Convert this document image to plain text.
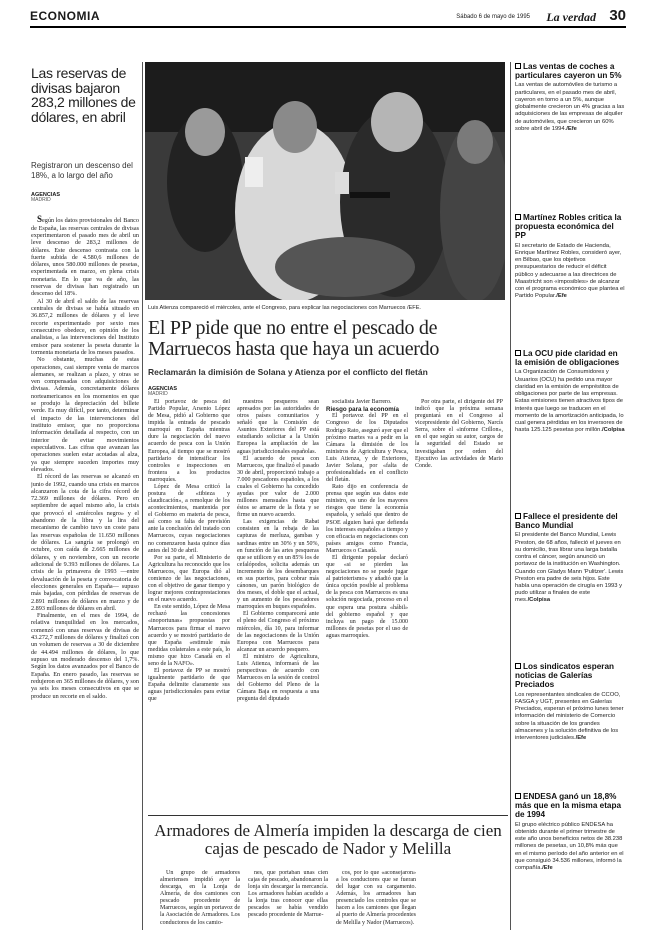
ECONOMIA	Sábado 6 de mayo de 1995 La verdad 30
Las reservas de divisas bajaron 283,2 millones de dólares, en abril
Registraron un descenso del 18%, a lo largo del año
AGENCIAS
MADRID

Según los datos provisionales del Banco de España, las reservas centrales de divisas experimentaron el pasado mes de abril un leve descenso de 283,2 millones de dólares. Este descenso contrasta con la fuerte subida de 4.580,6 millones de dólares, unos 580.000 millones de pesetas, experimentada en marzo, en plena crisis monetaria. En lo que va de año, las reservas de divisas han registrado un descenso del 18%.

Al 30 de abril el saldo de las reservas centrales de divisas se había situado en 36.857,2 millones de dólares y el leve recorte experimentado por sexto mes consecutivo obedece, en opinión de los analistas, a las intervenciones del Instituto emisor para sostener la peseta durante la tormenta monetaria de los meses pasados.

No obstante, muchas de estas operaciones, casi siempre venta de marcos alemanes, se realizan a plazo, y otras se ven compensadas con adquisiciones de divisas. Además, concretamente dólares norteamericanos en los momentos en que se produjo la depreciación del billete verde. Es muy difícil, por tanto, determinar el impacto de las intervenciones del instituto emisor, que no proporciona información detallada al respecto, con un interior de evitar movimientos especulativos. Las cifras que avanzan las operaciones suelen estar acotadas al alza, ya que siempre suceden importes muy elevados.

El récord de las reservas se alcanzó en junio de 1992, cuando una crisis en marcos alcanzaron la cota de la cifra récord de 72.369 millones de dólares. Pero en septiembre de aquel mismo año, la crisis que provocó el «miércoles negro» y el abandono de la libra y la lira del mecanismo de cambio tuvo un coste para las reservas españolas de 11.650 millones de dólares. La sangría se prolongó en octubre, con caída de 2.665 millones de dólares, y en noviembre, con un recorte adicional de 9.393 millones de dólares. La crisis de la primavera de 1993 —entre devaluación de la peseta y convocatoria de elecciones generales en España— supuso más bajadas, con pérdidas de reservas de 2.891 millones de dólares en marzo y de 2.893 millones de dólares en abril.

Finalmente, en el mes de 1994, de relativa tranquilidad en los mercados, comenzó con unas reservas de divisas de 43.272,7 millones de dólares y finalizó con un volumen de reservas a 30 de diciembre de 44.494 millones de dólares, lo que supuso un moderado descenso del 1,7%. Según los datos avanzados por el Banco de España. En enero pasado, las reservas se redujeron en 365 millones de dólares, y son ya seis los meses consecutivos en que se produce un recorte en el saldo.

Luis Atienza compareció el miércoles, ante el Congreso, para explicar las negociaciones con Marruecos /EFE.
El PP pide que no entre el pescado de Marruecos hasta que haya un acuerdo
Reclamarán la dimisión de Solana y Atienza por el conflicto del fletán
AGENCIAS
MADRID

El portavoz de pesca del Partido Popular, Arsenio López de Mesa, pidió al Gobierno que impida la entrada de pescado marroquí en España mientras dure la negociación del nuevo acuerdo de pesca con la Unión Europea, al tiempo que se mostró partidario de intensificar los controles e inspecciones en frontera a los productos marroquíes.

López de Mesa criticó la postura de «tibieza y claudicación», a remolque de los acontecimientos, mantenida por el Gobierno en materia de pesca, así como su falta de previsión ante la conclusión del tratado con Marruecos, cuyas negociaciones no comenzaron hasta quince días antes del 30 de abril.

Por su parte, el Ministerio de Agricultura ha reconocido que los Marruecos, que Europa dió al comienzo de las negociaciones, con el objetivo de ganar tiempo y lograr mejores contraprestaciones en el nuevo acuerdo.

En este sentido, López de Mesa rechazó las concesiones «inoportunas» propuestas por Marruecos para firmar el nuevo acuerdo y se mostró partidario de que España «estimule más medidas colaterales a este país, lo mismo que hizo Canadá en el seno de la NAFO».

El portavoz de PP se mostró igualmente partidario de que España delimite claramente sus aguas jurisdiccionales para evitar que

nuestros pesqueros sean apresados por las autoridades de otros países comunitarios y señaló que la Comisión de Asuntos Exteriores del PP está estudiando solicitar a la Unión Europea la ampliación de las aguas jurisdiccionales españolas.

El acuerdo de pesca con Marruecos, que finalizó el pasado 30 de abril, proporcionó trabajo a 7.000 pescadores españoles, a los cuales el Gobierno ha concedido ayudas por valor de 2.000 millones mensuales hasta que éstos se amarre de la flota y se firme un nuevo acuerdo.

Las exigencias de Rabat consisten en la rebaja de las capturas de merluza, gambas y sardinas entre un 30% y un 50%, en función de las artes pesqueras que se utilicen y en un 85% los de cefalópodos, solicita además un incremento de los desembarques en sus puertos, para cobrar más cánones, un parón biológico de dos meses, el doble que el actual, y un aumento de los pescadores marroquíes en buques españoles.

El Gobierno comparecerá ante el pleno del Congreso el próximo miércoles, día 10, para informar de las negociaciones de la Unión Europea con Marruecos para alcanzar un acuerdo pesquero.

El ministro de Agricultura, Luis Atienza, informará de las perspectivas de acuerdo con Marruecos en la sesión de control del Gobierno del Pleno de la Cámara Baja en respuesta a una pregunta del diputado

socialista Javier Barrero.

Riesgo para la economía

El portavoz del PP en el Congreso de los Diputados Rodrigo Rato, aseguró ayer que el próximo martes va a pedir en la Cámara la dimisión de los ministros de Agricultura y Pesca, Luis Atienza, y de Exteriores, Javier Solana, por «falta de profesionalidad» en el conflicto del fletán.

Rato dijo en conferencia de prensa que según sus datos este ministro, es uno de los mayores riesgos que tiene la economía española, y señaló que dentro de PSOE alguien hará que defienda los intereses españoles a tiempo y con eficacia en negociaciones con países amigos como Francia, Marruecos o Canadá.

El dirigente popular declaró que «si se pierden las negociaciones no se puede jugar al patrioterismo» y añadió que la única opción posible al problema de la pesca con Marruecos es una solución negociada, proceso en el que espera una postura «hábil» del gobierno español y que incluya un pago de 15.000 millones de pesetas por el uso de aguas marroquíes.

Por otra parte, el dirigente del PP indicó que la próxima semana preguntará en el Congreso al vicepresidente del Gobierno, Narcís Serra, sobre el «informe Crillon», en el que según su autor, cargos de la seguridad del Estado se investigaban por orden del Ejecutivo las actividades de Mario Conde.

Armadores de Almería impiden la descarga de cien cajas de pescado de Nador y Melilla

Un grupo de armadores almerienses impidió ayer la descarga, en la Lonja de Almería, de dos camiones con pescado procedente de Marruecos, según un portavoz de la Asociación de Armadores. Los conductores de los camio-

nes, que portaban unas cien cajas de pescado, abandonaron la lonja sin descargar la mercancía. Los armadores habían acudido a la lonja tras conocer que ellas pescados se había vendido pescado procedente de Marrue-

cos, por lo que «aconsejaron» a los conductores que se fueran del lugar con su cargamento. Además, los armadores han presenciado los controles que se hacen a los camiones que llegan al puerto de Almería procedentes de Melilla y Nador (Marruecos).

Las ventas de coches a particulares cayeron un 5%

Las ventas de automóviles de turismo a particulares, en el pasado mes de abril, cayeron en torno a un 5%, aunque globalmente crecieron un 4% gracias a las adquisiciones de las empresas de alquiler de automóviles, que crecieron un 60% sobre abril de 1994./Efe

Martínez Robles critica la propuesta económica del PP

El secretario de Estado de Hacienda, Enrique Martínez Robles, consideró ayer, en Bilbao, que los objetivos presupuestarios de reducir el déficit público y adecuarse a las directrices de Maastricht son «imposibles» de alcanzar con el programa económico que plantea el Partido Popular./Efe

La OCU pide claridad en la emisión de obligaciones

La Organización de Consumidores y Usuarios (OCU) ha pedido una mayor claridad en la emisión de empréstitos de obligaciones por parte de las empresas. Estas emisiones tienen atractivos tipos de interés que luego se traducen en el momento de la amortización anticipada, lo cual genera pérdidas en los inversores de hasta 125.125 pesetas por millón./Colpisa

Fallece el presidente del Banco Mundial

El presidente del Banco Mundial, Lewis Preston, de 68 años, falleció el jueves en su domicilio, tras librar una larga batalla contra el cáncer, según anunció un portavoz de la institución en Washington. Cuando con Gladys Mann 'Pulitzer'. Lewis Preston era padre de seis hijos. Este había una operación de cirugía en 1993 y pudo utilizar a finales de este mes./Colpisa

Los sindicatos esperan noticias de Galerías Preciados

Los representantes sindicales de CCOO, FASGA y UGT, presentes en Galerías Preciados, esperan el próximo lunes tener información del ministerio de Comercio sobre la situación de los grandes almacenes y la solución definitiva de los interventores judiciales./Efe

ENDESA ganó un 18,8% más que en la misma etapa de 1994

El grupo eléctrico público ENDESA ha obtenido durante el primer trimestre de este año unos beneficios netos de 38.238 millones de pesetas, un 10,8% más que en el mismo período del año anterior en el que consiguió 34.536 millones, informó la compañía./Efe
